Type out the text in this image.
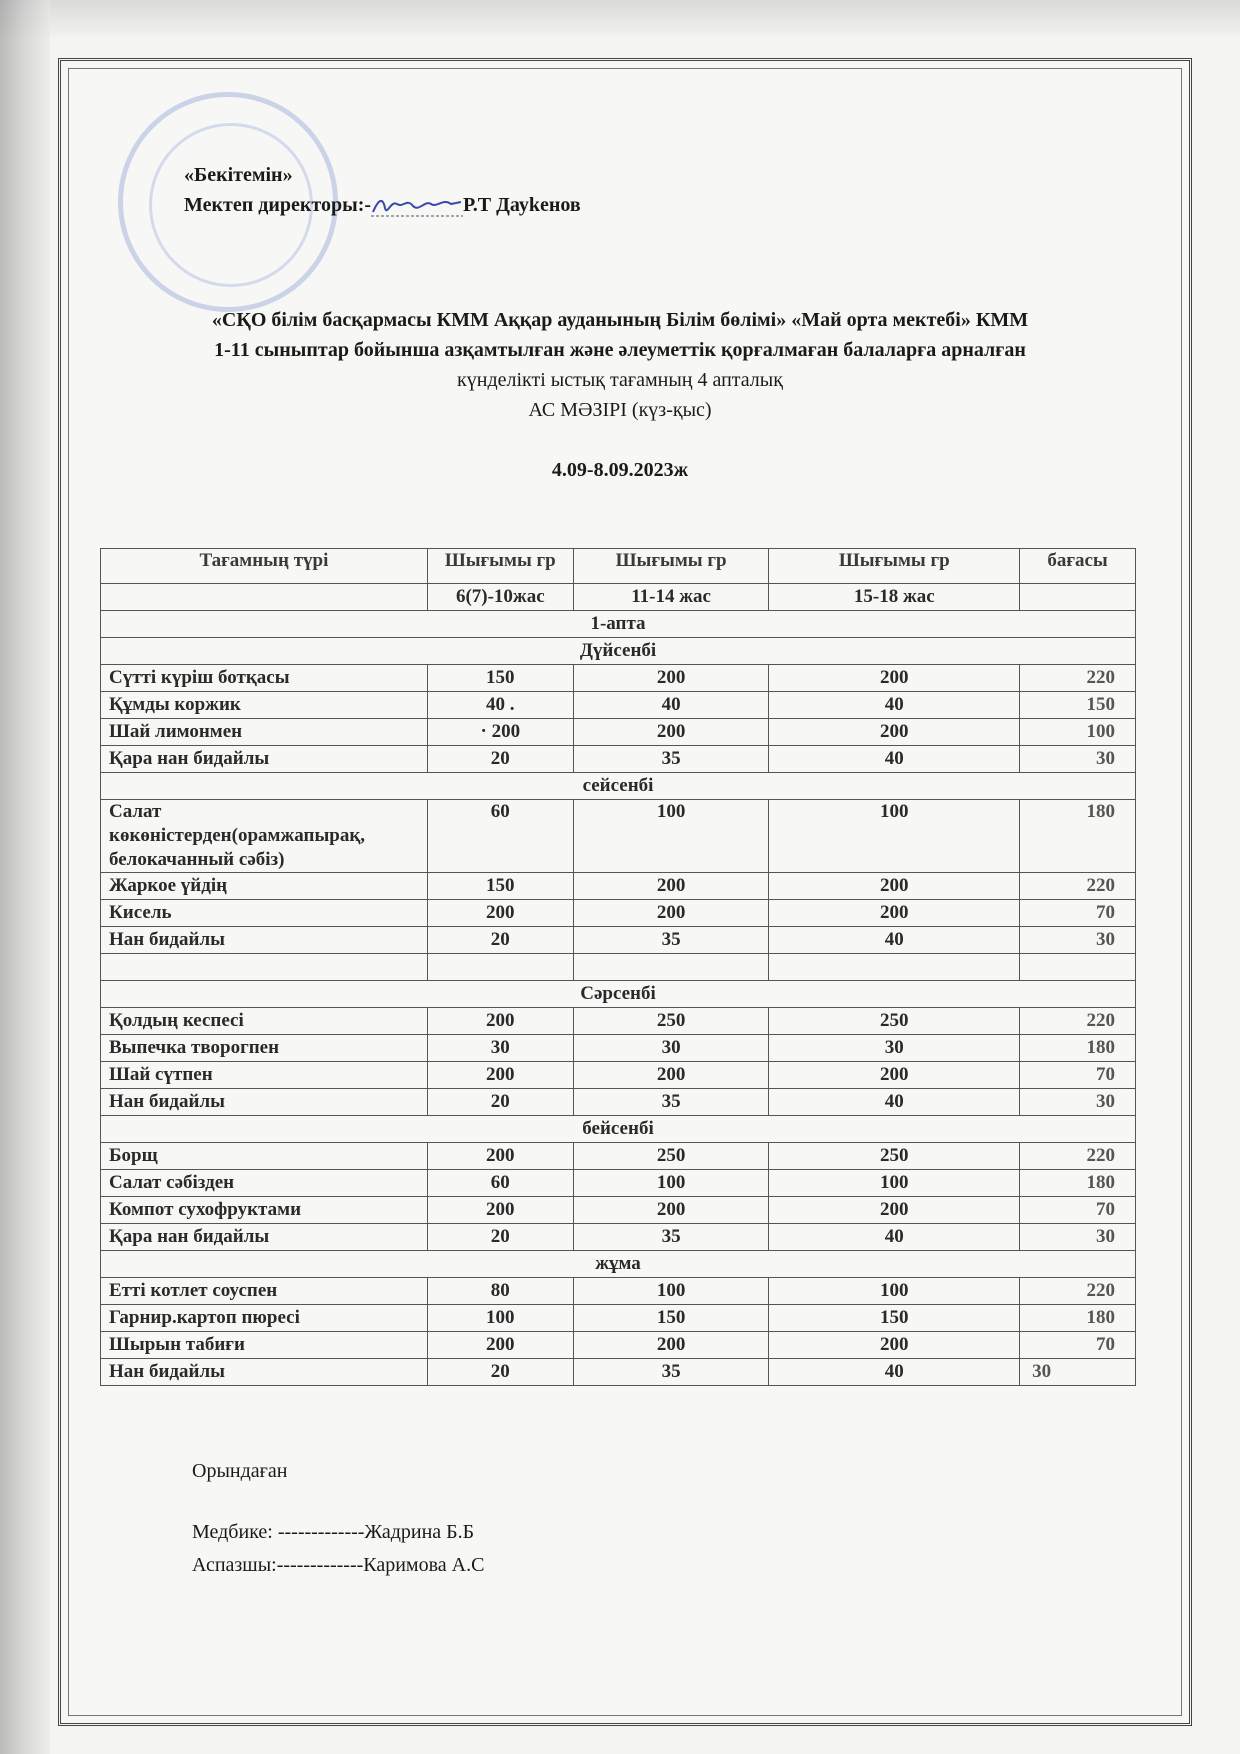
«Бекітемін»
Мектеп директоры:-	Р.Т Дауkенов
«СҚО білім басқармасы КММ Аққар ауданының Білім бөлімі» «Май орта мектебі» КММ
1-11 сыныптар бойынша азқамтылған және әлеуметтік қорғалмаған балаларға арналған
күнделікті ыстық тағамның 4 апталық
АС МӘЗІРІ (күз-қыс)
4.09-8.09.2023ж
Тағамның түрі	Шығымы гр	Шығымы гр	Шығымы гр	бағасы
	6(7)-10жас	11-14 жас	15-18 жас	
1-апта				
Дүйсенбі				
Сүтті күріш ботқасы	150	200	200	220
Құмды коржик	40 .	40	40	150
Шай лимонмен	· 200	200	200	100
Қара нан бидайлы	20	35	40	30
сейсенбі				
Салат көкөністерден(орамжапырақ, белокачанный сәбіз)	60	100	100	180
Жаркое үйдің	150	200	200	220
Кисель	200	200	200	70
Нан бидайлы	20	35	40	30

Сәрсенбі				
Қолдың кеспесі	200	250	250	220
Выпечка творогпен	30	30	30	180
Шай сүтпен	200	200	200	70
Нан бидайлы	20	35	40	30
бейсенбі				
Борщ	200	250	250	220
Салат сәбізден	60	100	100	180
Компот сухофруктами	200	200	200	70
Қара нан бидайлы	20	35	40	30
жұма				
Етті котлет соуспен	80	100	100	220
Гарнир.картоп пюресі	100	150	150	180
Шырын табиғи	200	200	200	70
Нан бидайлы	20	35	40	30
Орындаған
Медбике: -------------Жадрина Б.Б
Аспазшы:-------------Каримова А.С
